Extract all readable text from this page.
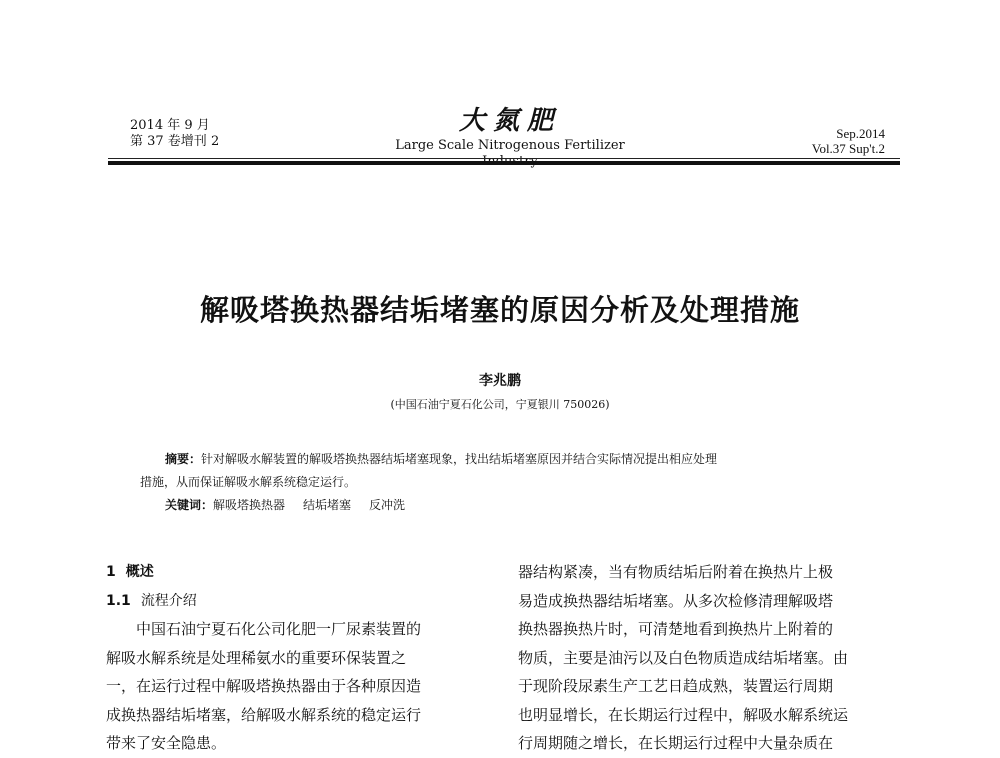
2014 年 9 月
第 37 卷增刊 2
大氮肥
Large Scale Nitrogenous Fertilizer
Sep.2014
Vol.37 Sup't.2
解吸塔换热器结垢堵塞的原因分析及处理措施
李兆鹏
(中国石油宁夏石化公司，宁夏银川 750026)
摘要：针对解吸水解装置的解吸塔换热器结垢堵塞现象，找出结垢堵塞原因并结合实际情况提出相应处理
措施，从而保证解吸水解系统稳定运行。
关键词：解吸塔换热器 结垢堵塞 反冲洗
1 概述
1.1 流程介绍
中国石油宁夏石化公司化肥一厂尿素装置的
解吸水解系统是处理稀氨水的重要环保装置之
一，在运行过程中解吸塔换热器由于各种原因造
成换热器结垢堵塞，给解吸水解系统的稳定运行
带来了安全隐患。
器结构紧凑，当有物质结垢后附着在换热片上极
易造成换热器结垢堵塞。从多次检修清理解吸塔
换热器换热片时，可清楚地看到换热片上附着的
物质，主要是油污以及白色物质造成结垢堵塞。由
于现阶段尿素生产工艺日趋成熟，装置运行周期
也明显增长，在长期运行过程中，解吸水解系统运
行周期随之增长，在长期运行过程中大量杂质在
